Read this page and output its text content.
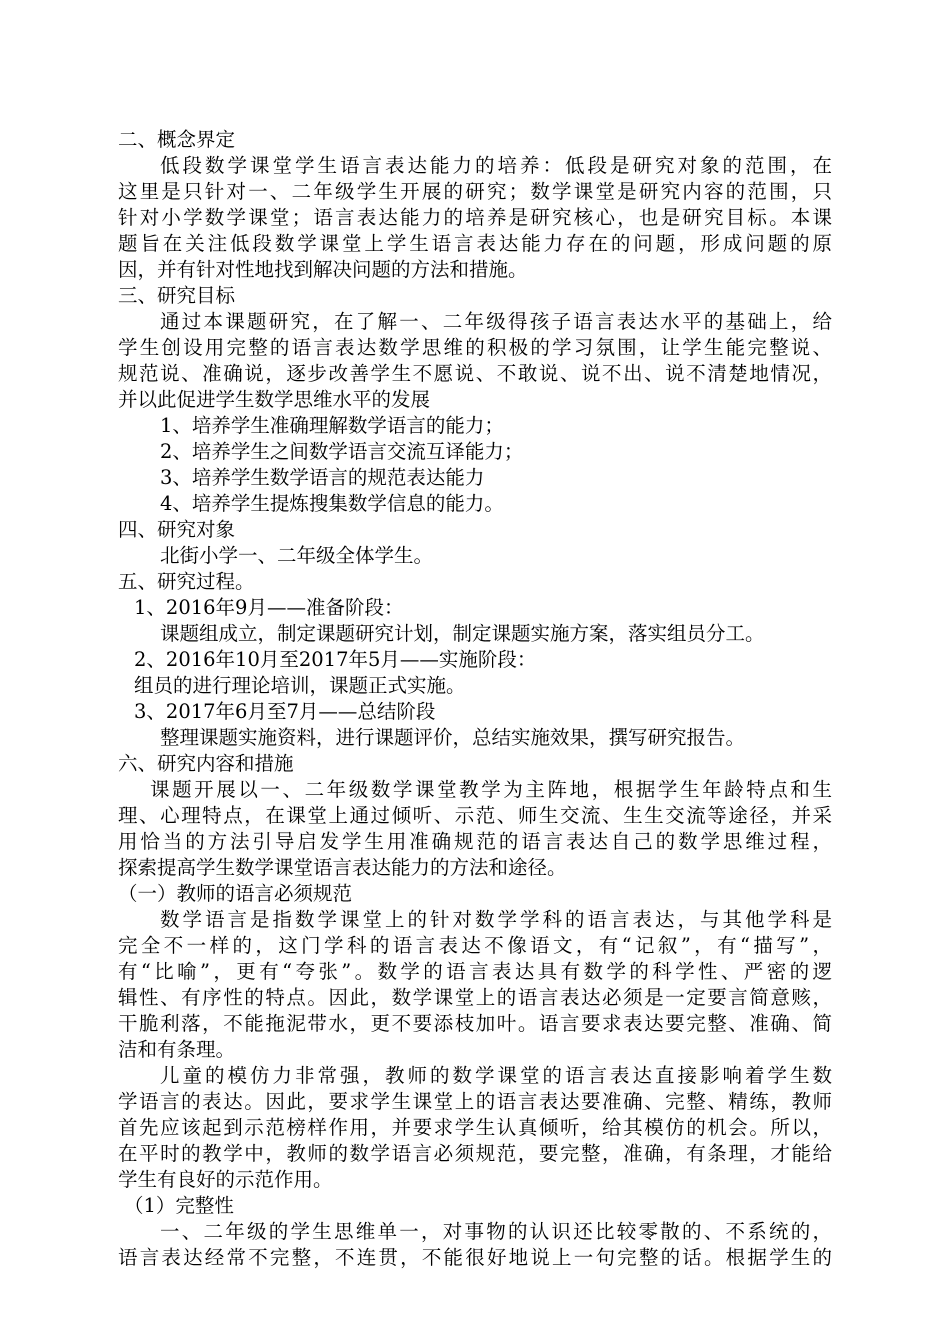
二、概念界定
低段数学课堂学生语言表达能力的培养：低段是研究对象的范围，在
这里是只针对一、二年级学生开展的研究；数学课堂是研究内容的范围，只
针对小学数学课堂；语言表达能力的培养是研究核心，也是研究目标。本课
题旨在关注低段数学课堂上学生语言表达能力存在的问题，形成问题的原
因，并有针对性地找到解决问题的方法和措施。
三、研究目标
通过本课题研究，在了解一、二年级得孩子语言表达水平的基础上，给
学生创设用完整的语言表达数学思维的积极的学习氛围，让学生能完整说、
规范说、准确说，逐步改善学生不愿说、不敢说、说不出、说不清楚地情况，
并以此促进学生数学思维水平的发展
1、培养学生准确理解数学语言的能力；
2、培养学生之间数学语言交流互译能力；
3、培养学生数学语言的规范表达能力
4、培养学生提炼搜集数学信息的能力。
四、研究对象
北街小学一、二年级全体学生。
五、研究过程。
1、2016年9月——准备阶段：
课题组成立，制定课题研究计划，制定课题实施方案，落实组员分工。
2、2016年10月至2017年5月——实施阶段：
组员的进行理论培训，课题正式实施。
3、2017年6月至7月——总结阶段
整理课题实施资料，进行课题评价，总结实施效果，撰写研究报告。
六、研究内容和措施
课题开展以一、二年级数学课堂教学为主阵地，根据学生年龄特点和生
理、心理特点，在课堂上通过倾听、示范、师生交流、生生交流等途径，并采
用恰当的方法引导启发学生用准确规范的语言表达自己的数学思维过程，
探索提高学生数学课堂语言表达能力的方法和途径。
（一）教师的语言必须规范
数学语言是指数学课堂上的针对数学学科的语言表达，与其他学科是
完全不一样的，这门学科的语言表达不像语文，有“记叙”，有“描写”，
有“比喻”，更有“夸张”。数学的语言表达具有数学的科学性、严密的逻
辑性、有序性的特点。因此，数学课堂上的语言表达必须是一定要言简意赅，
干脆利落，不能拖泥带水，更不要添枝加叶。语言要求表达要完整、准确、简
洁和有条理。
儿童的模仿力非常强，教师的数学课堂的语言表达直接影响着学生数
学语言的表达。因此，要求学生课堂上的语言表达要准确、完整、精练，教师
首先应该起到示范榜样作用，并要求学生认真倾听，给其模仿的机会。所以，
在平时的教学中，教师的数学语言必须规范，要完整，准确，有条理，才能给
学生有良好的示范作用。
（1）完整性
一、二年级的学生思维单一，对事物的认识还比较零散的、不系统的，
语言表达经常不完整，不连贯，不能很好地说上一句完整的话。根据学生的
